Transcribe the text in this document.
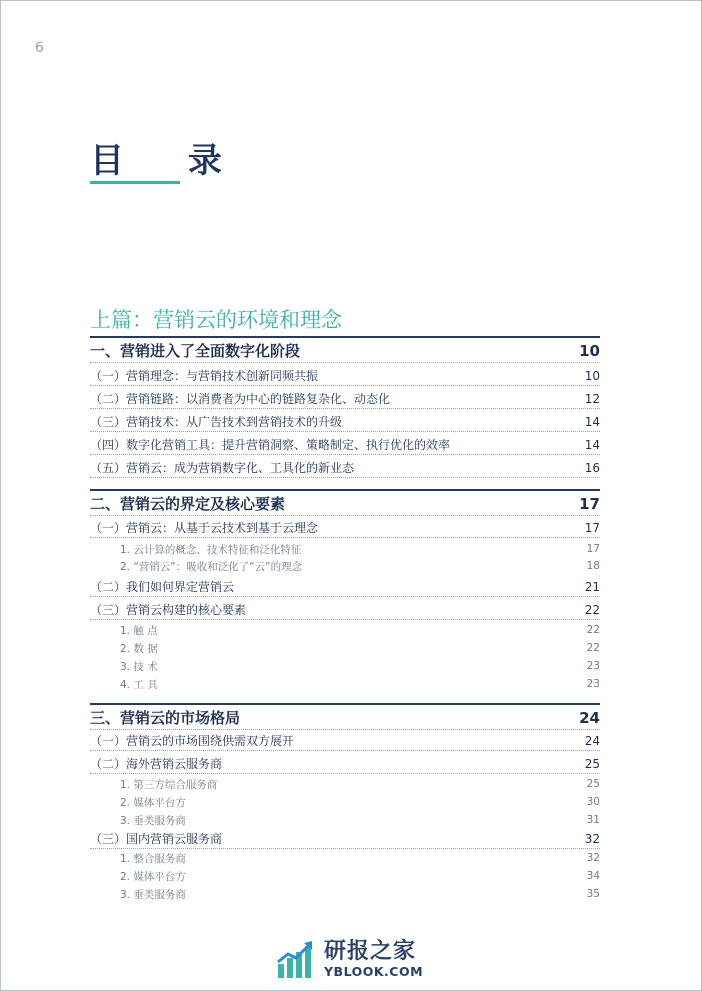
6
目 录
上篇：营销云的环境和理念
一、营销进入了全面数字化阶段	10
（一）营销理念：与营销技术创新同频共振	10
（二）营销链路：以消费者为中心的链路复杂化、动态化	12
（三）营销技术：从广告技术到营销技术的升级	14
（四）数字化营销工具：提升营销洞察、策略制定、执行优化的效率	14
（五）营销云：成为营销数字化、工具化的新业态	16
二、营销云的界定及核心要素	17
（一）营销云：从基于云技术到基于云理念	17
1. 云计算的概念、技术特征和泛化特征	17
2. “营销云”：吸收和泛化了“云”的理念	18
（二）我们如何界定营销云	21
（三）营销云构建的核心要素	22
1. 触 点	22
2. 数 据	22
3. 技 术	23
4. 工 具	23
三、营销云的市场格局	24
（一）营销云的市场围绕供需双方展开	24
（二）海外营销云服务商	25
1. 第三方综合服务商	25
2. 媒体平台方	30
3. 垂类服务商	31
（三）国内营销云服务商	32
1. 整合服务商	32
2. 媒体平台方	34
3. 垂类服务商	35
研报之家
YBLOOK.COM
